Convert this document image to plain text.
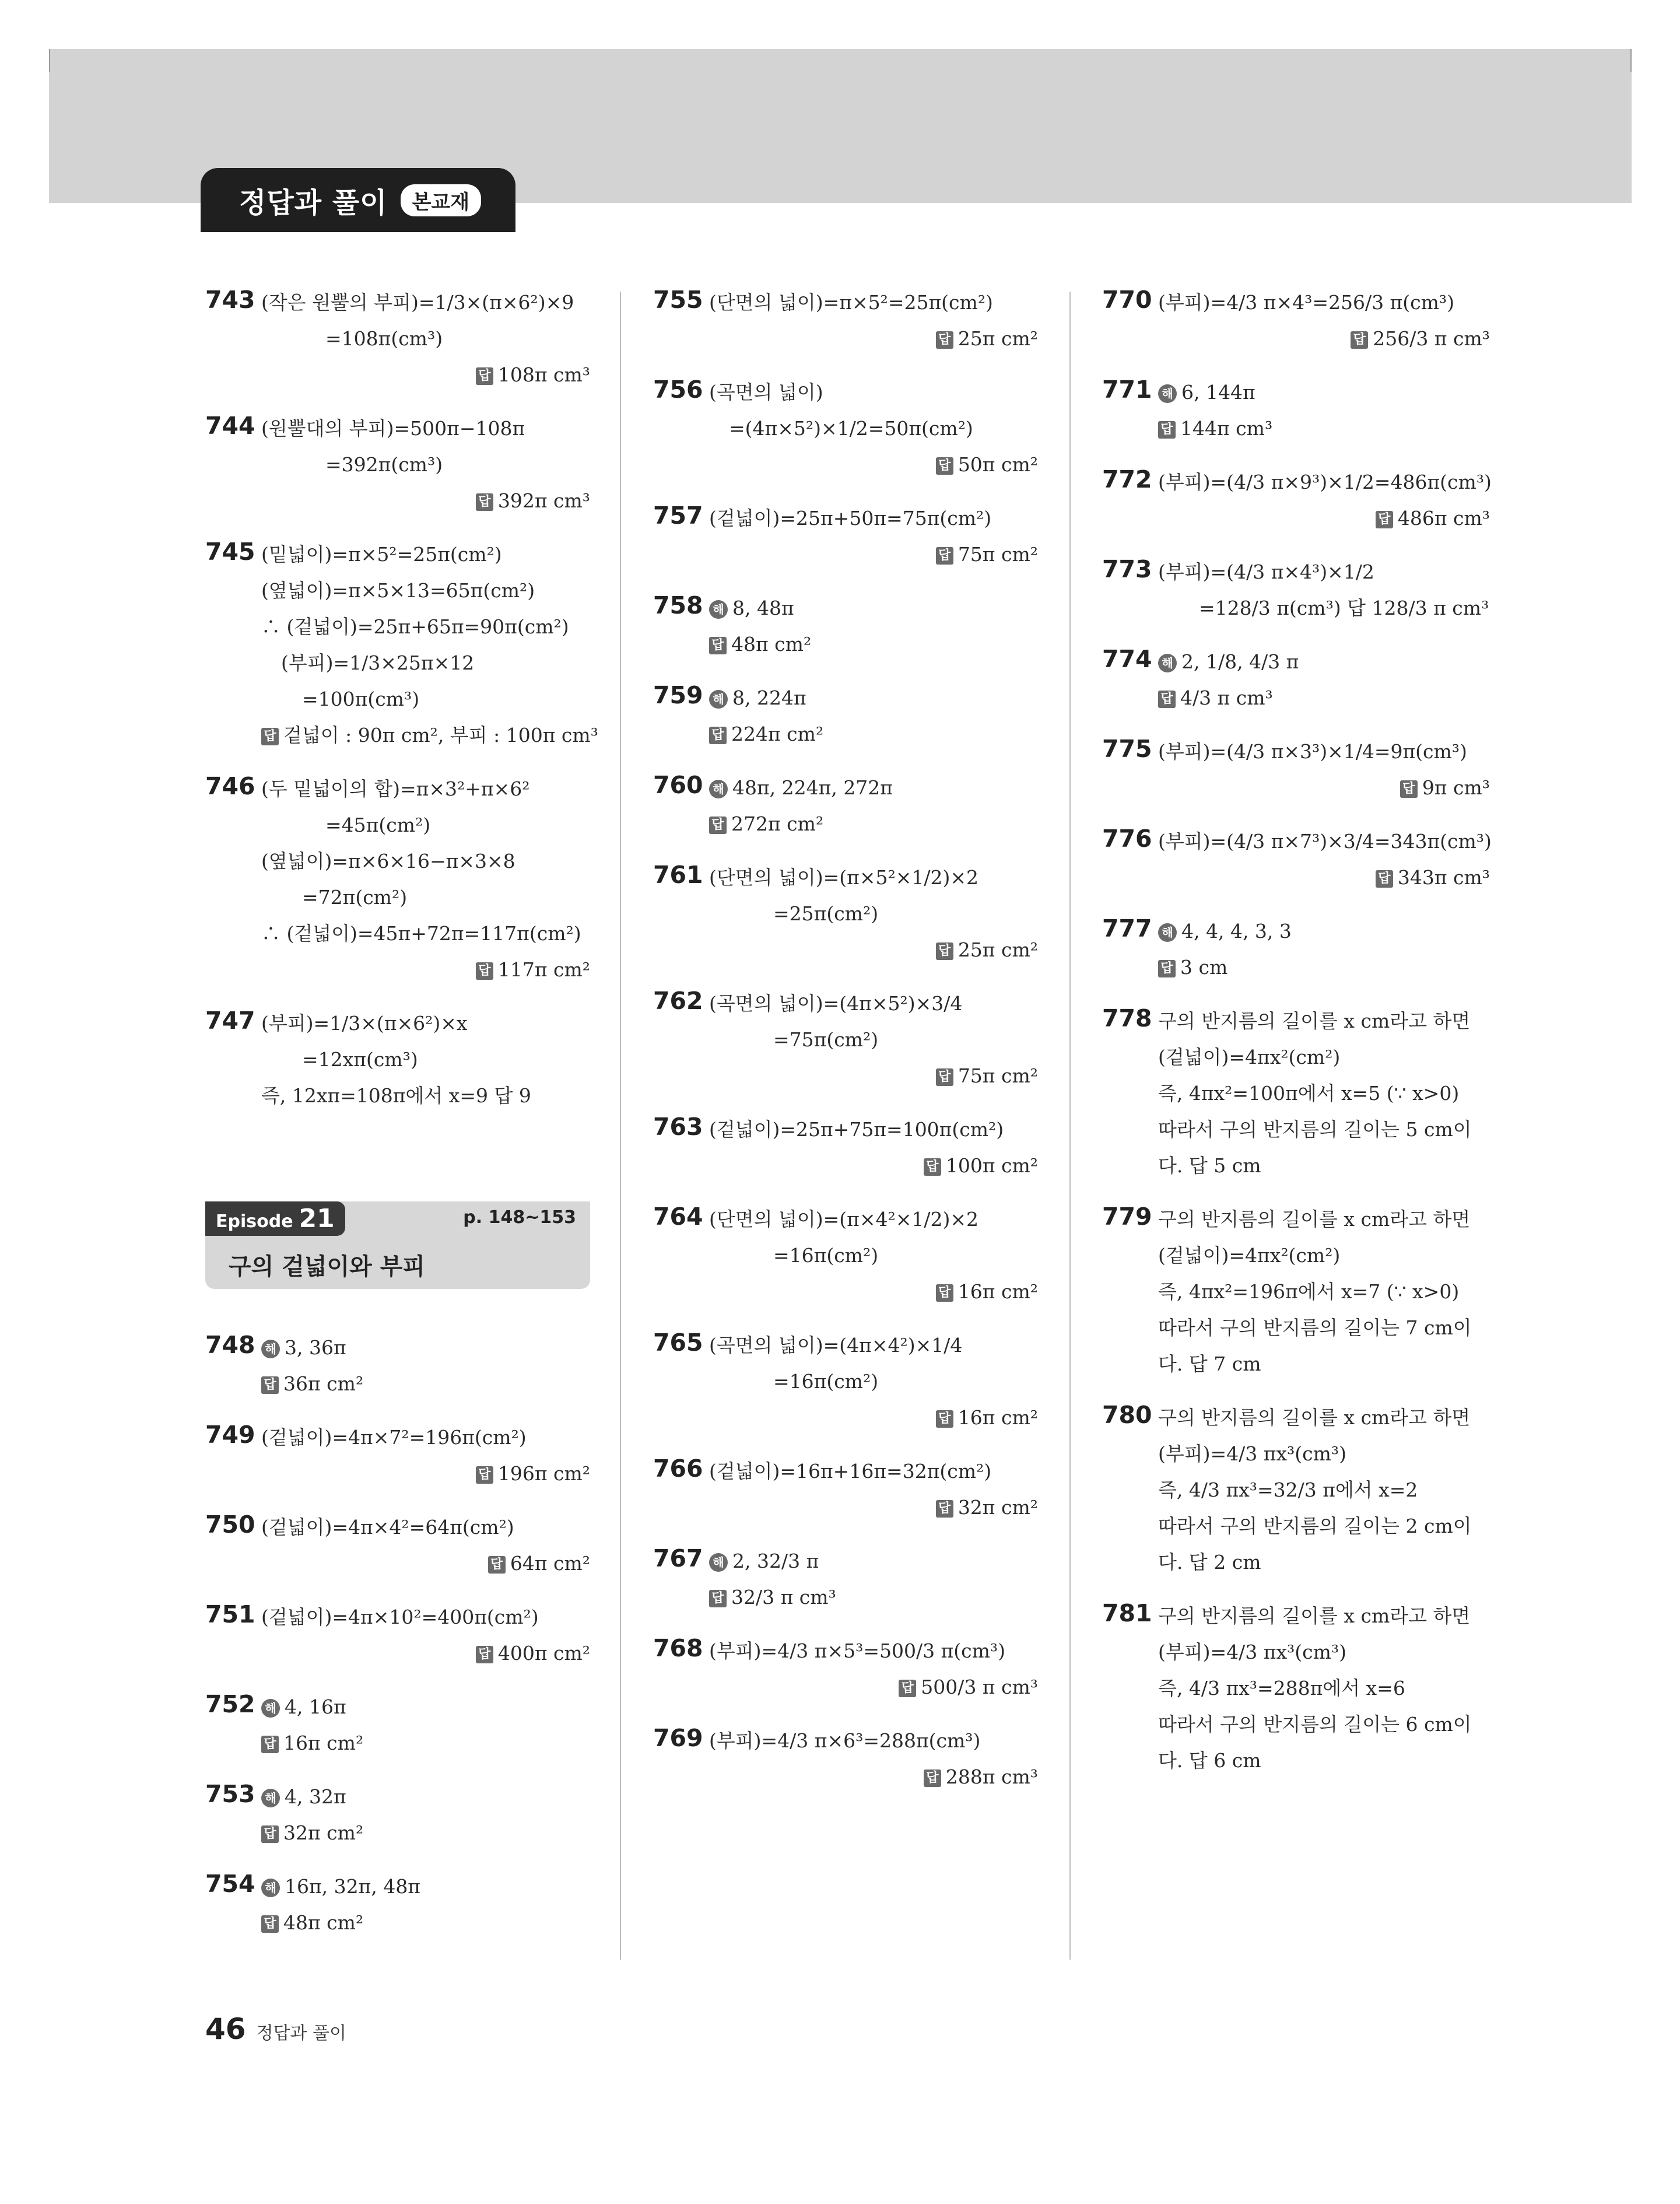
정답과 풀이	본교재
743 (작은 원뿔의 부피)=1/3×(π×6²)×9
=108π(cm³)
답 108π cm³
744 (원뿔대의 부피)=500π−108π
=392π(cm³)
답 392π cm³
745 (밑넓이)=π×5²=25π(cm²)
(옆넓이)=π×5×13=65π(cm²)
∴ (겉넓이)=25π+65π=90π(cm²)
(부피)=1/3×25π×12
=100π(cm³)
답 겉넓이 : 90π cm², 부피 : 100π cm³
746 (두 밑넓이의 합)=π×3²+π×6²
=45π(cm²)
(옆넓이)=π×6×16−π×3×8
=72π(cm²)
∴ (겉넓이)=45π+72π=117π(cm²)
답 117π cm²
747 (부피)=1/3×(π×6²)×x
=12xπ(cm³)
즉, 12xπ=108π에서 x=9 답 9
Episode 21	p. 148~153
구의 겉넓이와 부피
748 해 3, 36π
답 36π cm²
749 (겉넓이)=4π×7²=196π(cm²)
답 196π cm²
750 (겉넓이)=4π×4²=64π(cm²)
답 64π cm²
751 (겉넓이)=4π×10²=400π(cm²)
답 400π cm²
752 해 4, 16π
답 16π cm²
753 해 4, 32π
답 32π cm²
754 해 16π, 32π, 48π
답 48π cm²
755 (단면의 넓이)=π×5²=25π(cm²)
답 25π cm²
756 (곡면의 넓이)
=(4π×5²)×1/2=50π(cm²)
답 50π cm²
757 (겉넓이)=25π+50π=75π(cm²)
답 75π cm²
758 해 8, 48π
답 48π cm²
759 해 8, 224π
답 224π cm²
760 해 48π, 224π, 272π
답 272π cm²
761 (단면의 넓이)=(π×5²×1/2)×2
=25π(cm²)
답 25π cm²
762 (곡면의 넓이)=(4π×5²)×3/4
=75π(cm²)
답 75π cm²
763 (겉넓이)=25π+75π=100π(cm²)
답 100π cm²
764 (단면의 넓이)=(π×4²×1/2)×2
=16π(cm²)
답 16π cm²
765 (곡면의 넓이)=(4π×4²)×1/4
=16π(cm²)
답 16π cm²
766 (겉넓이)=16π+16π=32π(cm²)
답 32π cm²
767 해 2, 32/3 π
답 32/3 π cm³
768 (부피)=4/3 π×5³=500/3 π(cm³)
답 500/3 π cm³
769 (부피)=4/3 π×6³=288π(cm³)
답 288π cm³
770 (부피)=4/3 π×4³=256/3 π(cm³)
답 256/3 π cm³
771 해 6, 144π
답 144π cm³
772 (부피)=(4/3 π×9³)×1/2=486π(cm³)
답 486π cm³
773 (부피)=(4/3 π×4³)×1/2
=128/3 π(cm³) 답 128/3 π cm³
774 해 2, 1/8, 4/3 π
답 4/3 π cm³
775 (부피)=(4/3 π×3³)×1/4=9π(cm³)
답 9π cm³
776 (부피)=(4/3 π×7³)×3/4=343π(cm³)
답 343π cm³
777 해 4, 4, 4, 3, 3
답 3 cm
778 구의 반지름의 길이를 x cm라고 하면
(겉넓이)=4πx²(cm²)
즉, 4πx²=100π에서 x=5 (∵ x>0)
따라서 구의 반지름의 길이는 5 cm이
다. 답 5 cm
779 구의 반지름의 길이를 x cm라고 하면
(겉넓이)=4πx²(cm²)
즉, 4πx²=196π에서 x=7 (∵ x>0)
따라서 구의 반지름의 길이는 7 cm이
다. 답 7 cm
780 구의 반지름의 길이를 x cm라고 하면
(부피)=4/3 πx³(cm³)
즉, 4/3 πx³=32/3 π에서 x=2
따라서 구의 반지름의 길이는 2 cm이
다. 답 2 cm
781 구의 반지름의 길이를 x cm라고 하면
(부피)=4/3 πx³(cm³)
즉, 4/3 πx³=288π에서 x=6
따라서 구의 반지름의 길이는 6 cm이
다. 답 6 cm
46 정답과 풀이
